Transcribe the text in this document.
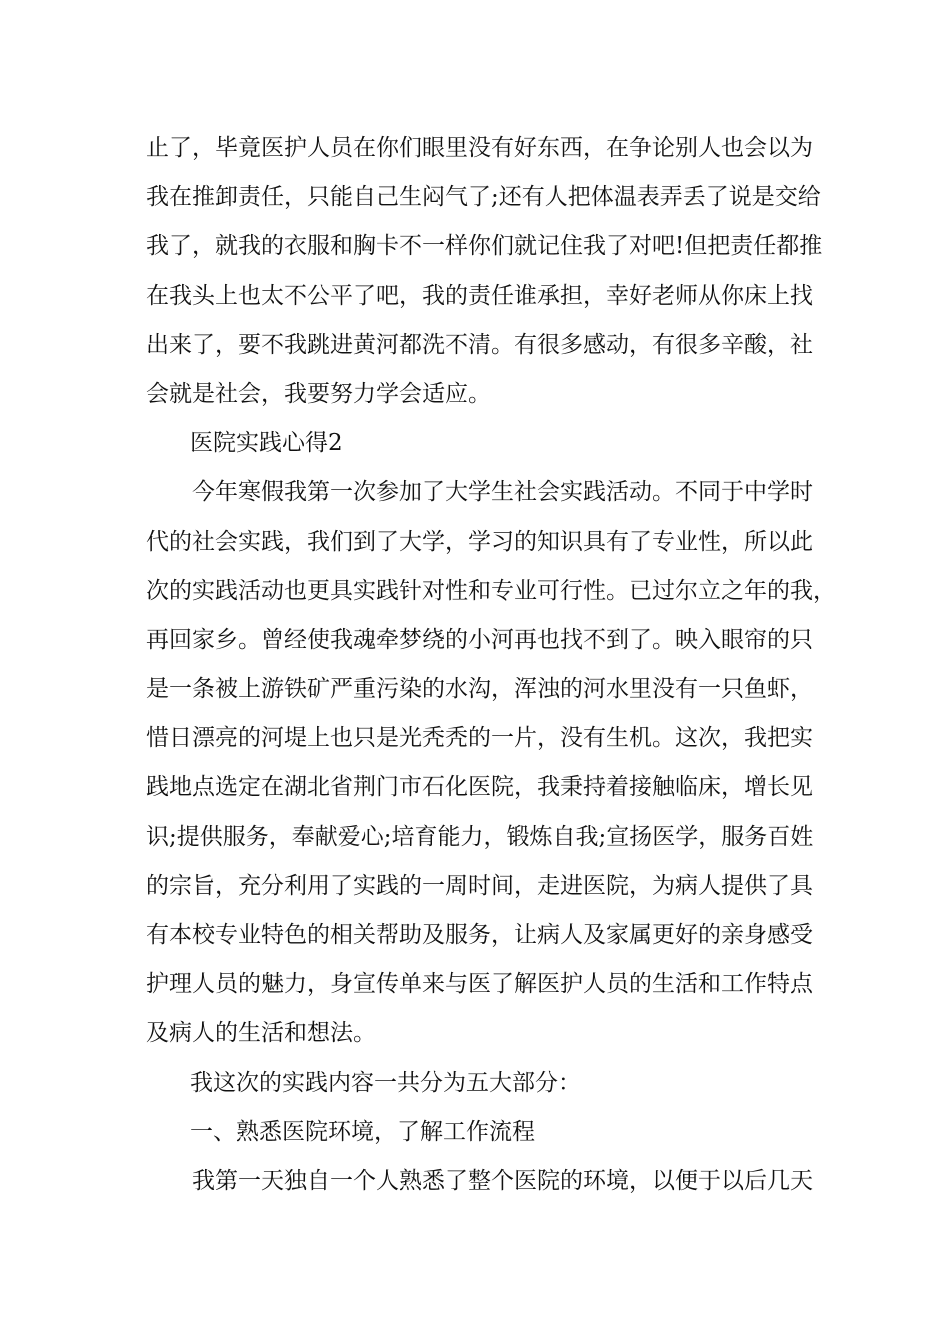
止了，毕竟医护人员在你们眼里没有好东西，在争论别人也会以为
我在推卸责任，只能自己生闷气了;还有人把体温表弄丢了说是交给
我了，就我的衣服和胸卡不一样你们就记住我了对吧!但把责任都推
在我头上也太不公平了吧，我的责任谁承担，幸好老师从你床上找
出来了，要不我跳进黄河都洗不清。有很多感动，有很多辛酸，社
会就是社会，我要努力学会适应。
医院实践心得2
今年寒假我第一次参加了大学生社会实践活动。不同于中学时
代的社会实践，我们到了大学，学习的知识具有了专业性，所以此
次的实践活动也更具实践针对性和专业可行性。已过尔立之年的我，
再回家乡。曾经使我魂牵梦绕的小河再也找不到了。映入眼帘的只
是一条被上游铁矿严重污染的水沟，浑浊的河水里没有一只鱼虾，
惜日漂亮的河堤上也只是光秃秃的一片，没有生机。这次，我把实
践地点选定在湖北省荆门市石化医院，我秉持着接触临床，增长见
识;提供服务，奉献爱心;培育能力，锻炼自我;宣扬医学，服务百姓
的宗旨，充分利用了实践的一周时间，走进医院，为病人提供了具
有本校专业特色的相关帮助及服务，让病人及家属更好的亲身感受
护理人员的魅力，身宣传单来与医了解医护人员的生活和工作特点
及病人的生活和想法。
我这次的实践内容一共分为五大部分：
一、熟悉医院环境，了解工作流程
我第一天独自一个人熟悉了整个医院的环境，以便于以后几天
